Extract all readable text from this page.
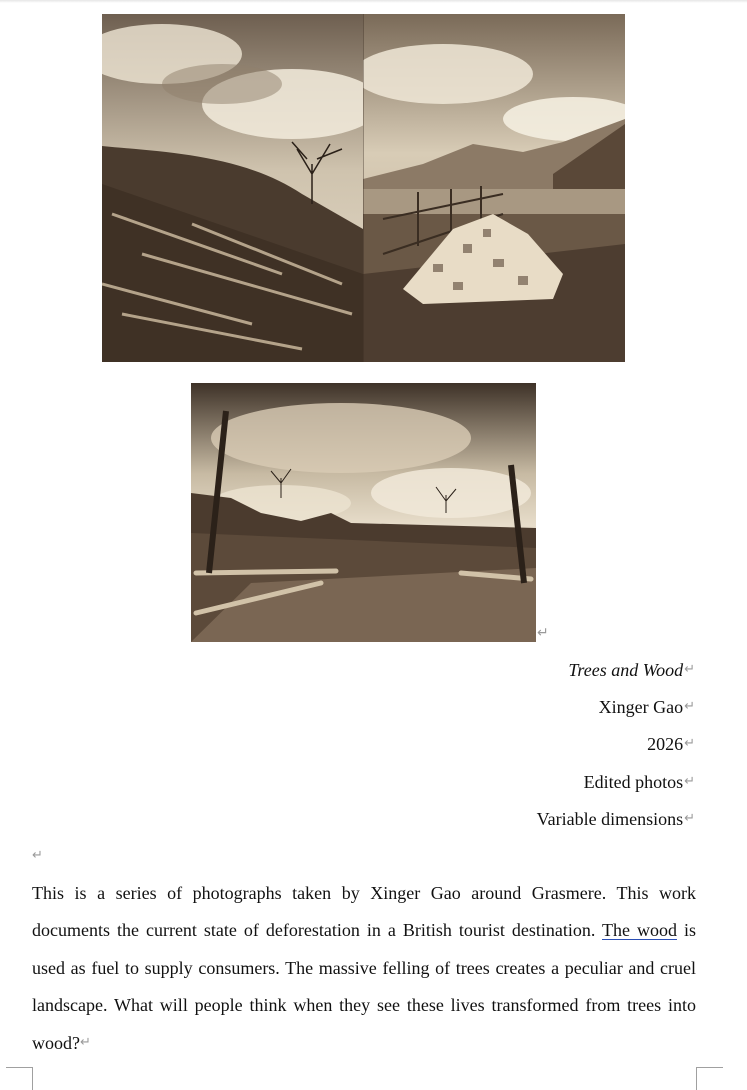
↵
Trees and Wood↵
Xinger Gao↵
2026↵
Edited photos↵
Variable dimensions↵
↵

This is a series of photographs taken by Xinger Gao around Grasmere. This work documents the current state of deforestation in a British tourist destination. The wood is used as fuel to supply consumers. The massive felling of trees creates a peculiar and cruel landscape. What will people think when they see these lives transformed from trees into wood?↵
